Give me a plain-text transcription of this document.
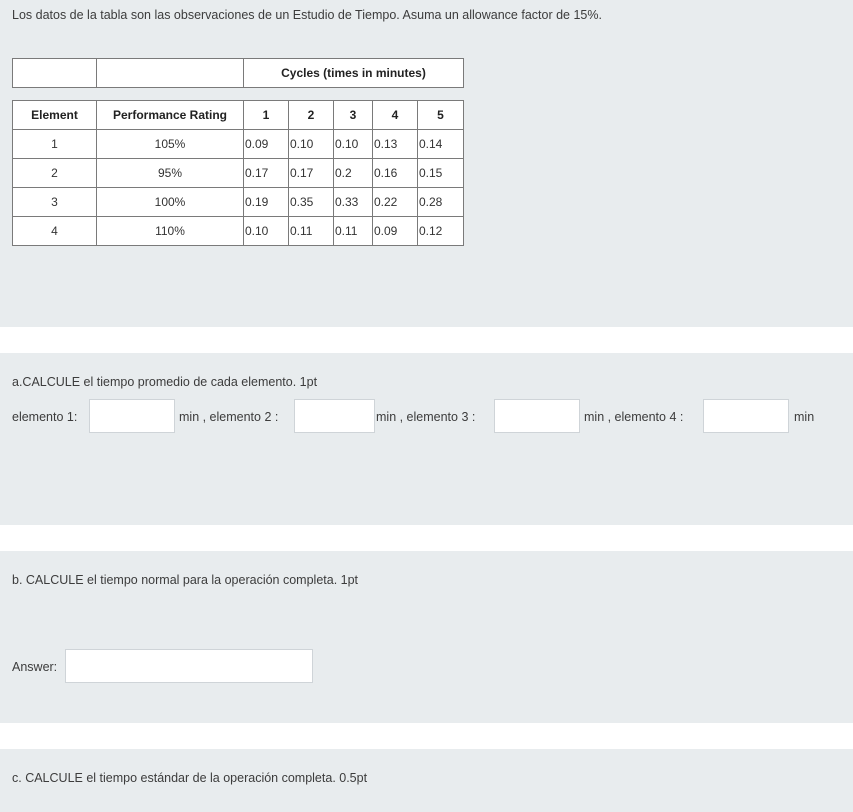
Los datos de la tabla son las observaciones de un Estudio de Tiempo. Asuma un allowance factor de 15%.
		Cycles (times in minutes)
Element	Performance Rating	1	2	3	4	5
1	105%	0.09	0.10	0.10	0.13	0.14
2	95%	0.17	0.17	0.2	0.16	0.15
3	100%	0.19	0.35	0.33	0.22	0.28
4	110%	0.10	0.11	0.11	0.09	0.12
a.CALCULE el tiempo promedio de cada elemento. 1pt
elemento 1:	min , elemento 2 :	min , elemento 3 :	min , elemento 4 :	min
b. CALCULE el tiempo normal para la operación completa. 1pt
Answer:
c. CALCULE el tiempo estándar de la operación completa. 0.5pt
